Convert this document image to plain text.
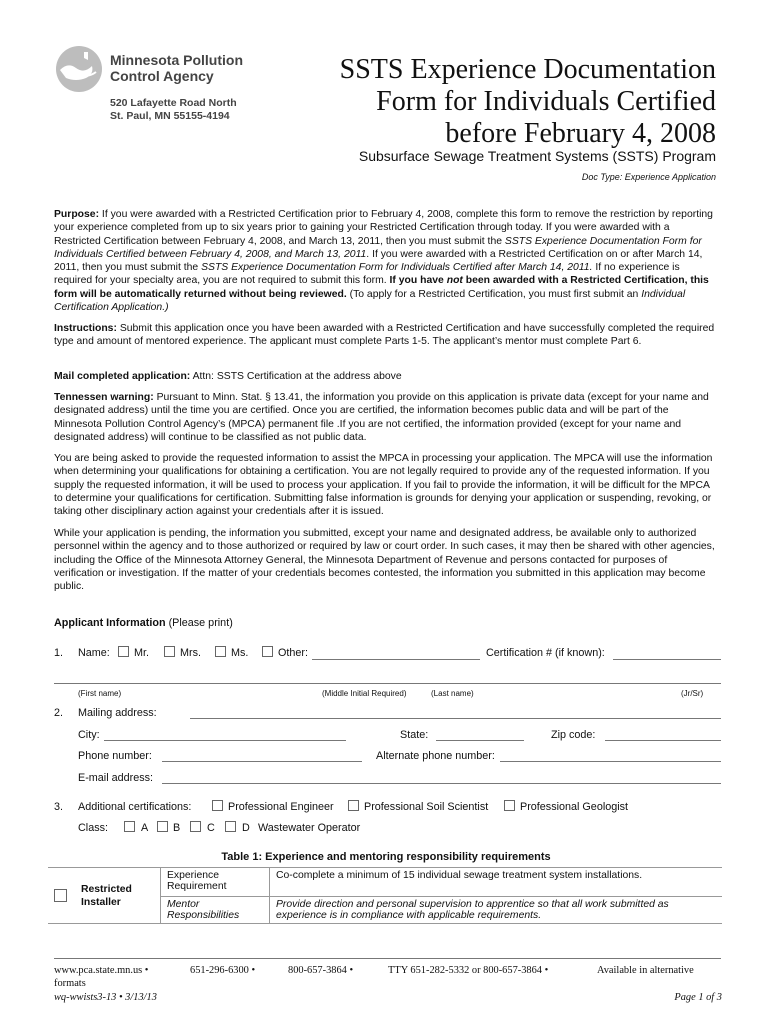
Minnesota Pollution
Control Agency
520 Lafayette Road North
St. Paul, MN 55155-4194
SSTS Experience Documentation
Form for Individuals Certified
before February 4, 2008
Subsurface Sewage Treatment Systems (SSTS) Program
Doc Type: Experience Application
Purpose: If you were awarded with a Restricted Certification prior to February 4, 2008, complete this form to remove the restriction by reporting your experience completed from up to six years prior to gaining your Restricted Certification through today. If you were awarded with a Restricted Certification between February 4, 2008, and March 13, 2011, then you must submit the SSTS Experience Documentation Form for Individuals Certified between February 4, 2008, and March 13, 2011. If you were awarded with a Restricted Certification on or after March 14, 2011, then you must submit the SSTS Experience Documentation Form for Individuals Certified after March 14, 2011. If no experience is required for your specialty area, you are not required to submit this form. If you have not been awarded with a Restricted Certification, this form will be automatically returned without being reviewed. (To apply for a Restricted Certification, you must first submit an Individual Certification Application.)
Instructions: Submit this application once you have been awarded with a Restricted Certification and have successfully completed the required type and amount of mentored experience. The applicant must complete Parts 1-5. The applicant’s mentor must complete Part 6.
Mail completed application: Attn: SSTS Certification at the address above
Tennessen warning: Pursuant to Minn. Stat. § 13.41, the information you provide on this application is private data (except for your name and designated address) until the time you are certified. Once you are certified, the information becomes public data and will be part of the Minnesota Pollution Control Agency’s (MPCA) permanent file .If you are not certified, the information provided (except for your name and designated address) will continue to be classified as not public data.
You are being asked to provide the requested information to assist the MPCA in processing your application. The MPCA will use the information when determining your qualifications for obtaining a certification. You are not legally required to provide any of the requested information. If you supply the requested information, it will be used to process your application. If you fail to provide the information, it will be difficult for the MPCA to determine your qualifications for certification. Submitting false information is grounds for denying your application or suspending, revoking, or taking other disciplinary action against your credentials after it is issued.
While your application is pending, the information you submitted, except your name and designated address, be available only to authorized personnel within the agency and to those authorized or required by law or court order. In such cases, it may then be shared with other agencies, including the Office of the Minnesota Attorney General, the Minnesota Department of Revenue and persons contacted for purposes of verification or investigation. If the matter of your credentials becomes contested, the information you submitted in this application may become public.
Applicant Information (Please print)
1. Name: Mr.	Mrs.	Ms.	Other:	Certification # (if known):
(First name)	(Middle Initial Required)	(Last name)	(Jr/Sr)
2. Mailing address:
City:	State:	Zip code:
Phone number:	Alternate phone number:
E-mail address:
3. Additional certifications:	Professional Engineer	Professional Soil Scientist	Professional Geologist
Class:	A B C	D Wastewater Operator
Table 1: Experience and mentoring responsibility requirements
Restricted Installer	Experience Requirement	Co-complete a minimum of 15 individual sewage treatment system installations.
	Mentor Responsibilities	Provide direction and personal supervision to apprentice so that all work submitted as experience is in compliance with applicable requirements.
www.pca.state.mn.us •	651-296-6300 •	800-657-3864 •	TTY 651-282-5332 or 800-657-3864 •	Available in alternative
formats
wq-wwists3-13 • 3/13/13	Page 1 of 3
